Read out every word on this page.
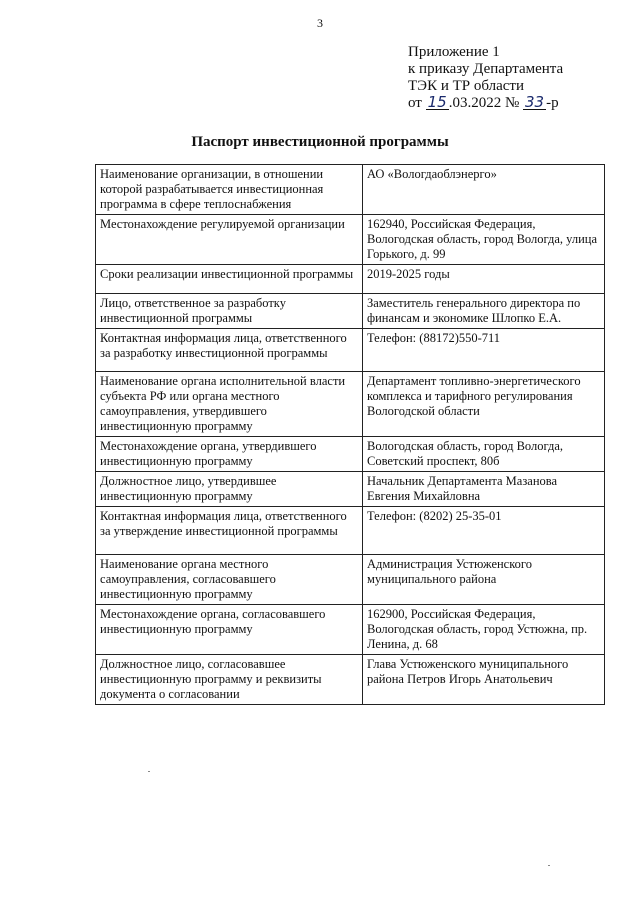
3
Приложение 1
к приказу Департамента
ТЭК и ТР области
от 15 .03.2022 № 33 -р
Паспорт инвестиционной программы
Наименование организации, в отношении которой разрабатывается инвестиционная программа в сфере теплоснабжения	АО «Вологдаоблэнерго»
Местонахождение регулируемой организации	162940, Российская Федерация, Вологодская область, город Вологда, улица Горького, д. 99
Сроки реализации инвестиционной программы	2019-2025 годы
Лицо, ответственное за разработку инвестиционной программы	Заместитель генерального директора по финансам и экономике Шлопко Е.А.
Контактная информация лица, ответственного за разработку инвестиционной программы	Телефон: (88172)550-711
Наименование органа исполнительной власти субъекта РФ или органа местного самоуправления, утвердившего инвестиционную программу	Департамент топливно-энергетического комплекса и тарифного регулирования Вологодской области
Местонахождение органа, утвердившего инвестиционную программу	Вологодская область, город Вологда, Советский проспект, 80б
Должностное лицо, утвердившее инвестиционную программу	Начальник Департамента Мазанова Евгения Михайловна
Контактная информация лица, ответственного за утверждение инвестиционной программы	Телефон: (8202) 25-35-01
Наименование органа местного самоуправления, согласовавшего инвестиционную программу	Администрация Устюженского муниципального района
Местонахождение органа, согласовавшего инвестиционную программу	162900, Российская Федерация, Вологодская область, город Устюжна, пр. Ленина, д. 68
Должностное лицо, согласовавшее инвестиционную программу и реквизиты документа о согласовании	Глава Устюженского муниципального района Петров Игорь Анатольевич
